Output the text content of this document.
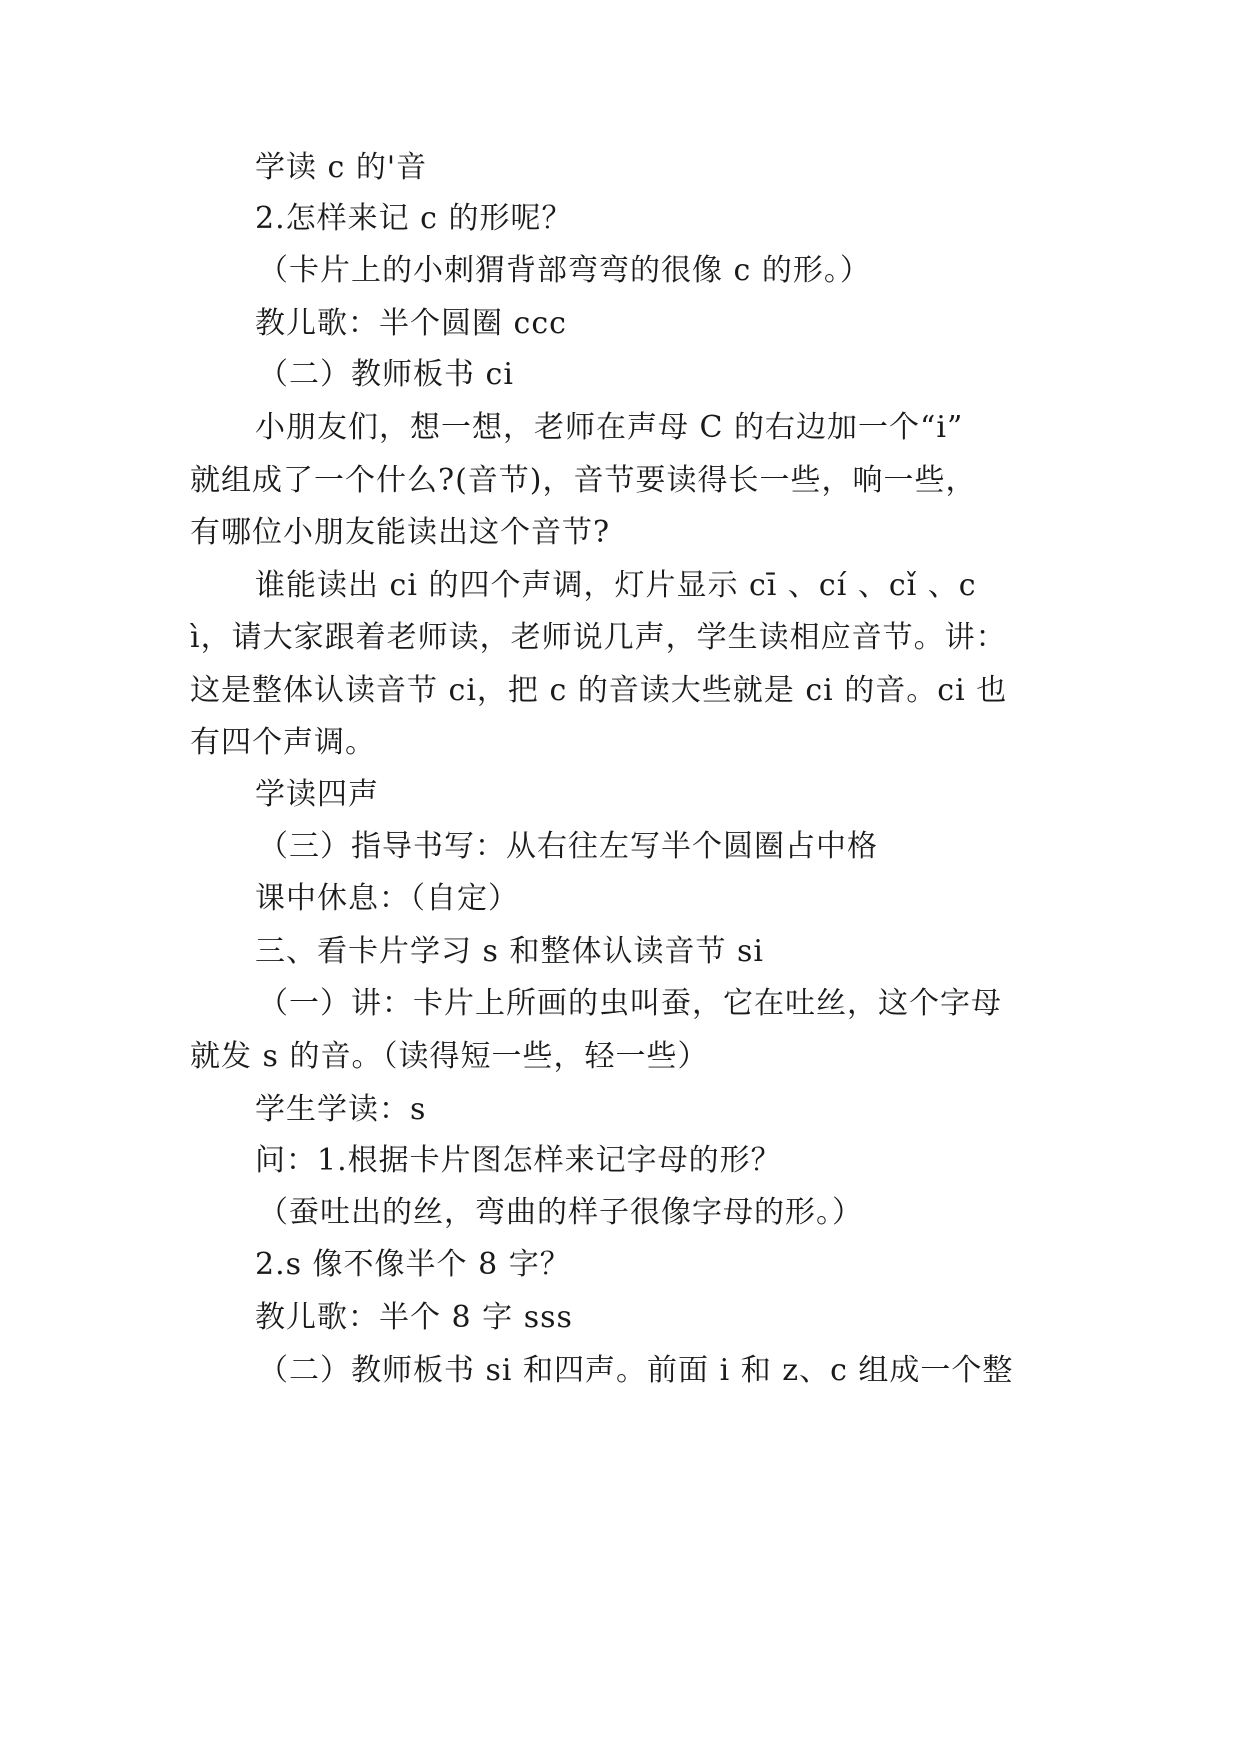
学读 c 的'音
2.怎样来记 c 的形呢？
（卡片上的小刺猬背部弯弯的很像 c 的形。）
教儿歌：半个圆圈 ccc
（二）教师板书 ci
小朋友们，想一想，老师在声母 C 的右边加一个“i”
就组成了一个什么?(音节)，音节要读得长一些，响一些，
有哪位小朋友能读出这个音节?
谁能读出 ci 的四个声调，灯片显示 cī 、cí 、cǐ 、c
ì，请大家跟着老师读，老师说几声，学生读相应音节。讲：
这是整体认读音节 ci，把 c 的音读大些就是 ci 的音。ci 也
有四个声调。
学读四声
（三）指导书写：从右往左写半个圆圈占中格
课中休息：（自定）
三、看卡片学习 s 和整体认读音节 si
（一）讲：卡片上所画的虫叫蚕，它在吐丝，这个字母
就发 s 的音。（读得短一些，轻一些）
学生学读：s
问：1.根据卡片图怎样来记字母的形？
（蚕吐出的丝，弯曲的样子很像字母的形。）
2.s 像不像半个 8 字？
教儿歌：半个 8 字 sss
（二）教师板书 si 和四声。前面 i 和 z、c 组成一个整
